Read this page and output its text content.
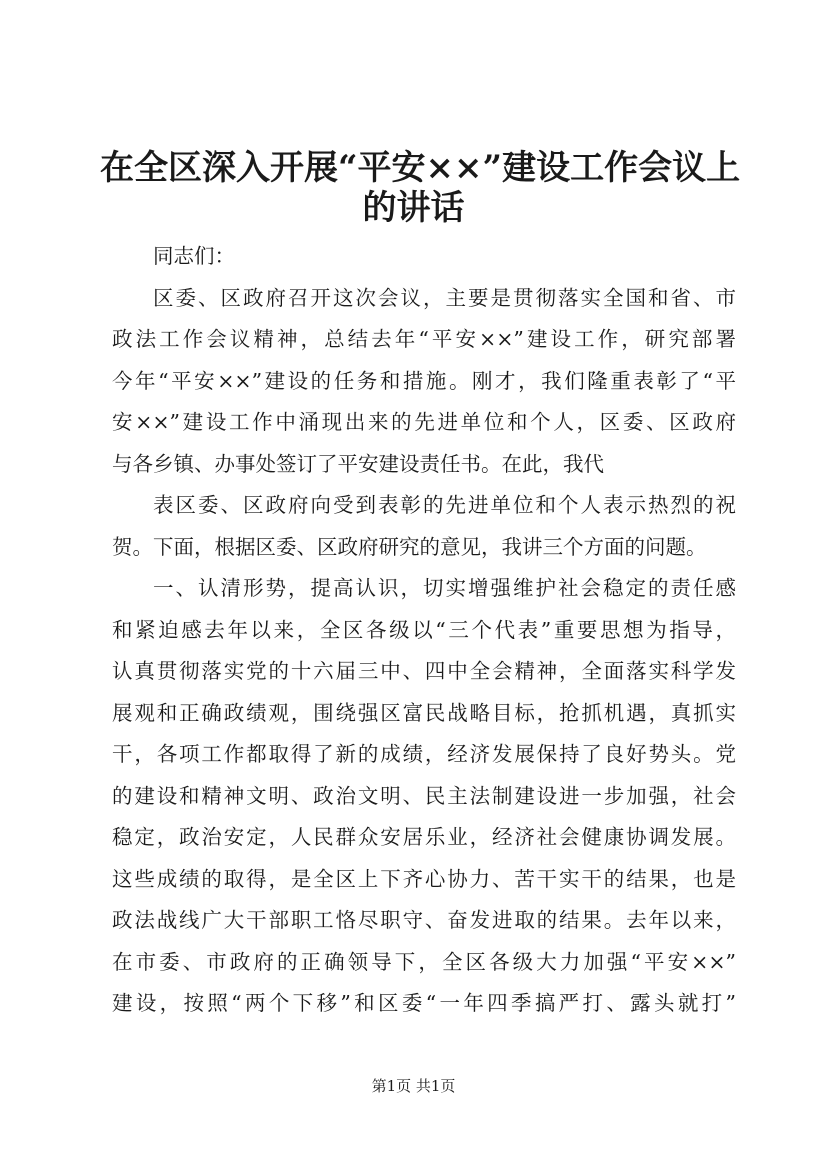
在全区深入开展“平安××”建设工作会议上
的讲话
同志们：
区委、区政府召开这次会议，主要是贯彻落实全国和省、市
政法工作会议精神，总结去年“平安××”建设工作，研究部署
今年“平安××”建设的任务和措施。刚才，我们隆重表彰了“平
安××”建设工作中涌现出来的先进单位和个人，区委、区政府
与各乡镇、办事处签订了平安建设责任书。在此，我代
表区委、区政府向受到表彰的先进单位和个人表示热烈的祝
贺。下面，根据区委、区政府研究的意见，我讲三个方面的问题。
一、认清形势，提高认识，切实增强维护社会稳定的责任感
和紧迫感去年以来，全区各级以“三个代表”重要思想为指导，
认真贯彻落实党的十六届三中、四中全会精神，全面落实科学发
展观和正确政绩观，围绕强区富民战略目标，抢抓机遇，真抓实
干，各项工作都取得了新的成绩，经济发展保持了良好势头。党
的建设和精神文明、政治文明、民主法制建设进一步加强，社会
稳定，政治安定，人民群众安居乐业，经济社会健康协调发展。
这些成绩的取得，是全区上下齐心协力、苦干实干的结果，也是
政法战线广大干部职工恪尽职守、奋发进取的结果。去年以来，
在市委、市政府的正确领导下，全区各级大力加强“平安××”
建设，按照“两个下移”和区委“一年四季搞严打、露头就打”
第1页 共1页
